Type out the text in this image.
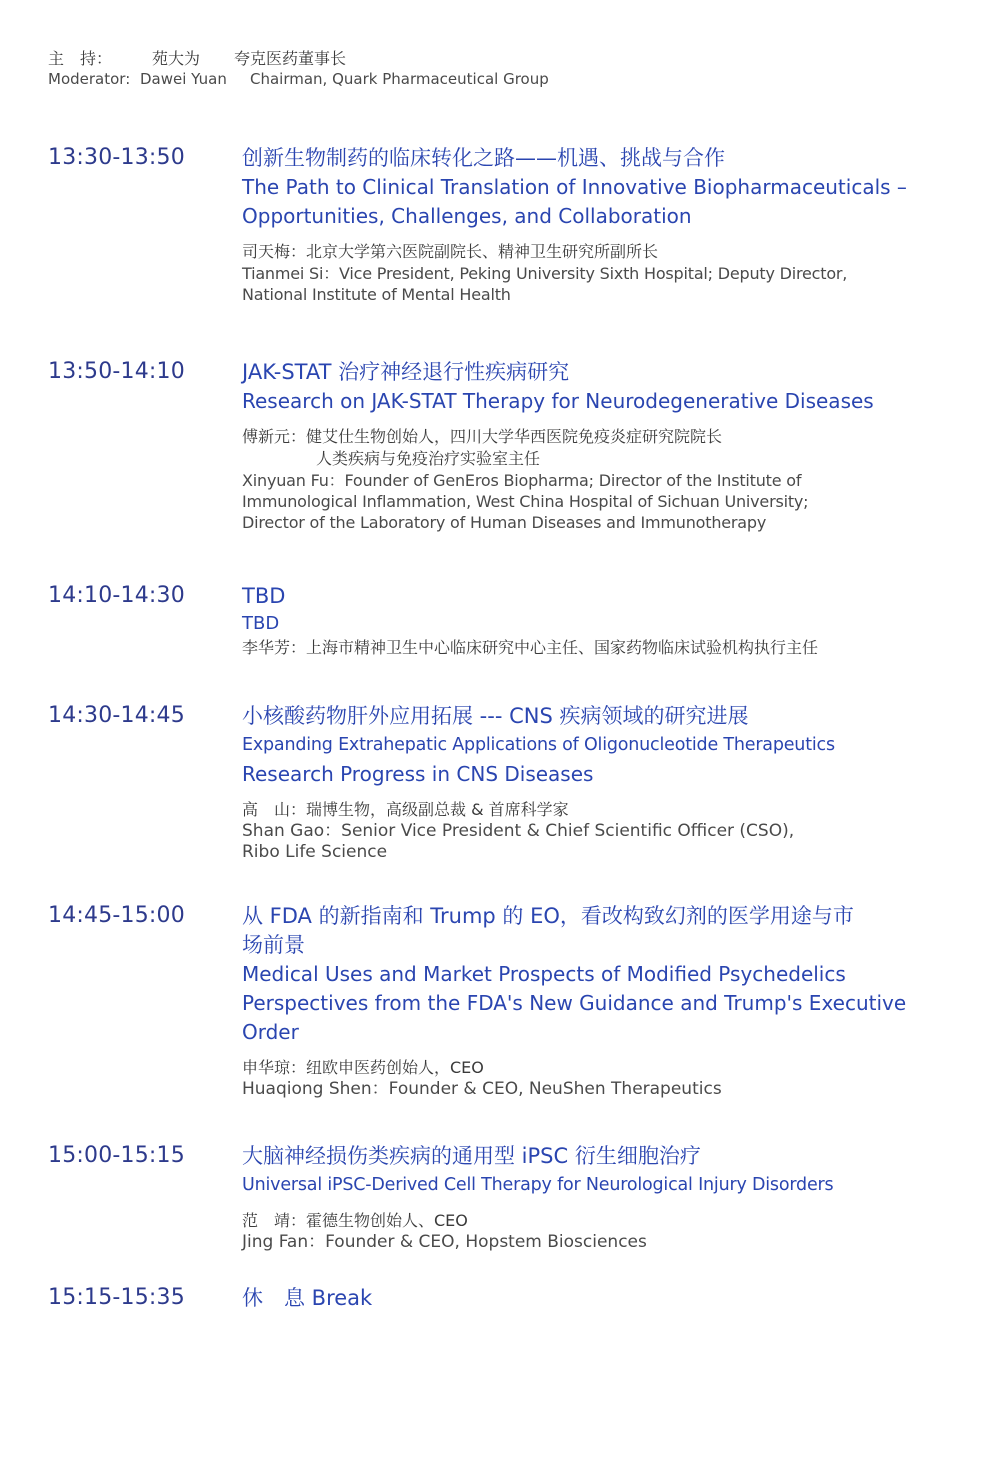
主　持：	苑大为	夸克医药董事长
Moderator: Dawei Yuan	Chairman, Quark Pharmaceutical Group
13:30-13:50	创新生物制药的临床转化之路——机遇、挑战与合作
The Path to Clinical Translation of Innovative Biopharmaceuticals –
Opportunities, Challenges, and Collaboration
司天梅：北京大学第六医院副院长、精神卫生研究所副所长
Tianmei Si：Vice President, Peking University Sixth Hospital; Deputy Director,
National Institute of Mental Health
13:50-14:10	JAK-STAT 治疗神经退行性疾病研究
Research on JAK-STAT Therapy for Neurodegenerative Diseases
傅新元：健艾仕生物创始人，四川大学华西医院免疫炎症研究院院长
人类疾病与免疫治疗实验室主任
Xinyuan Fu：Founder of GenEros Biopharma; Director of the Institute of
Immunological Inflammation, West China Hospital of Sichuan University;
Director of the Laboratory of Human Diseases and Immunotherapy
14:10-14:30	TBD
TBD
李华芳：上海市精神卫生中心临床研究中心主任、国家药物临床试验机构执行主任
14:30-14:45	小核酸药物肝外应用拓展 --- CNS 疾病领域的研究进展
Expanding Extrahepatic Applications of Oligonucleotide Therapeutics
Research Progress in CNS Diseases
高　山：瑞博生物，高级副总裁 & 首席科学家
Shan Gao：Senior Vice President & Chief Scientific Officer (CSO),
Ribo Life Science
14:45-15:00	从 FDA 的新指南和 Trump 的 EO，看改构致幻剂的医学用途与市
场前景
Medical Uses and Market Prospects of Modified Psychedelics
Perspectives from the FDA's New Guidance and Trump's Executive
Order
申华琼：纽欧申医药创始人，CEO
Huaqiong Shen：Founder & CEO, NeuShen Therapeutics
15:00-15:15	大脑神经损伤类疾病的通用型 iPSC 衍生细胞治疗
Universal iPSC-Derived Cell Therapy for Neurological Injury Disorders
范　靖：霍德生物创始人、CEO
Jing Fan：Founder & CEO, Hopstem Biosciences
15:15-15:35	休　息 Break
